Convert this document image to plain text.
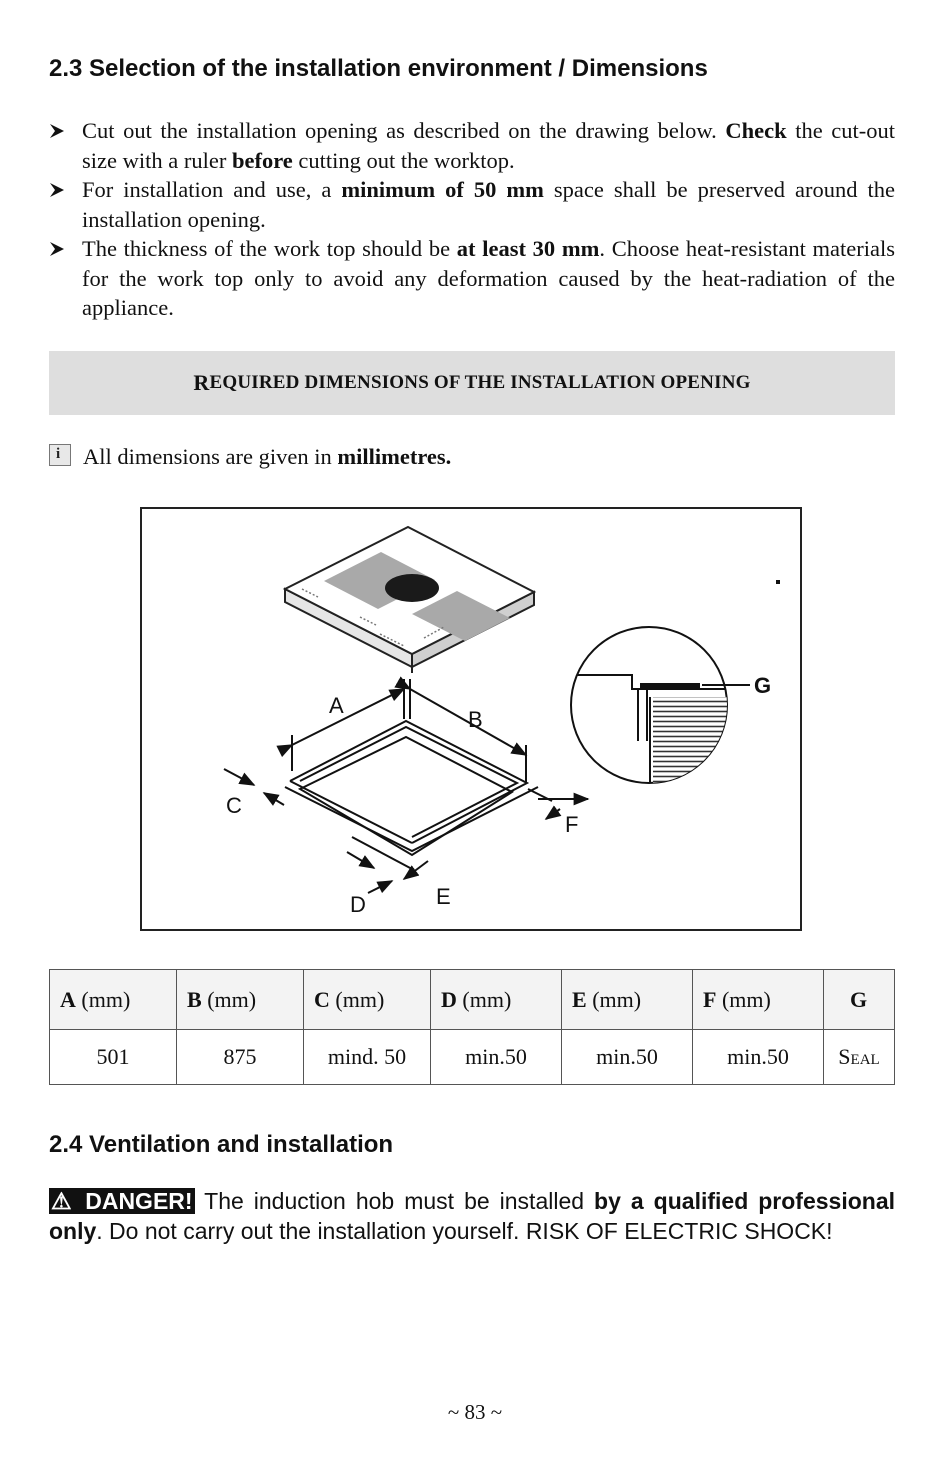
2.3 Selection of the installation environment / Dimensions

Cut out the installation opening as described on the drawing below. Check the cut-out size with a ruler before cutting out the worktop.

For installation and use, a minimum of 50 mm space shall be preserved around the installation opening.

The thickness of the work top should be at least 30 mm. Choose heat-resistant materials for the work top only to avoid any deformation caused by the heat-radiation of the appliance.

R EQUIRED DIMENSIONS OF THE INSTALLATION OPENING
i All dimensions are given in millimetres.
A
B
C
D	E
F
G
A (mm)	B (mm)	C (mm)	D (mm)	E (mm)	F (mm)	G
501	875	mind. 50	min.50	min.50	min.50	Seal
2.4 Ventilation and installation
⚠ DANGER! The induction hob must be installed by a qualified professional only. Do not carry out the installation yourself. RISK OF ELECTRIC SHOCK!
~ 83 ~
